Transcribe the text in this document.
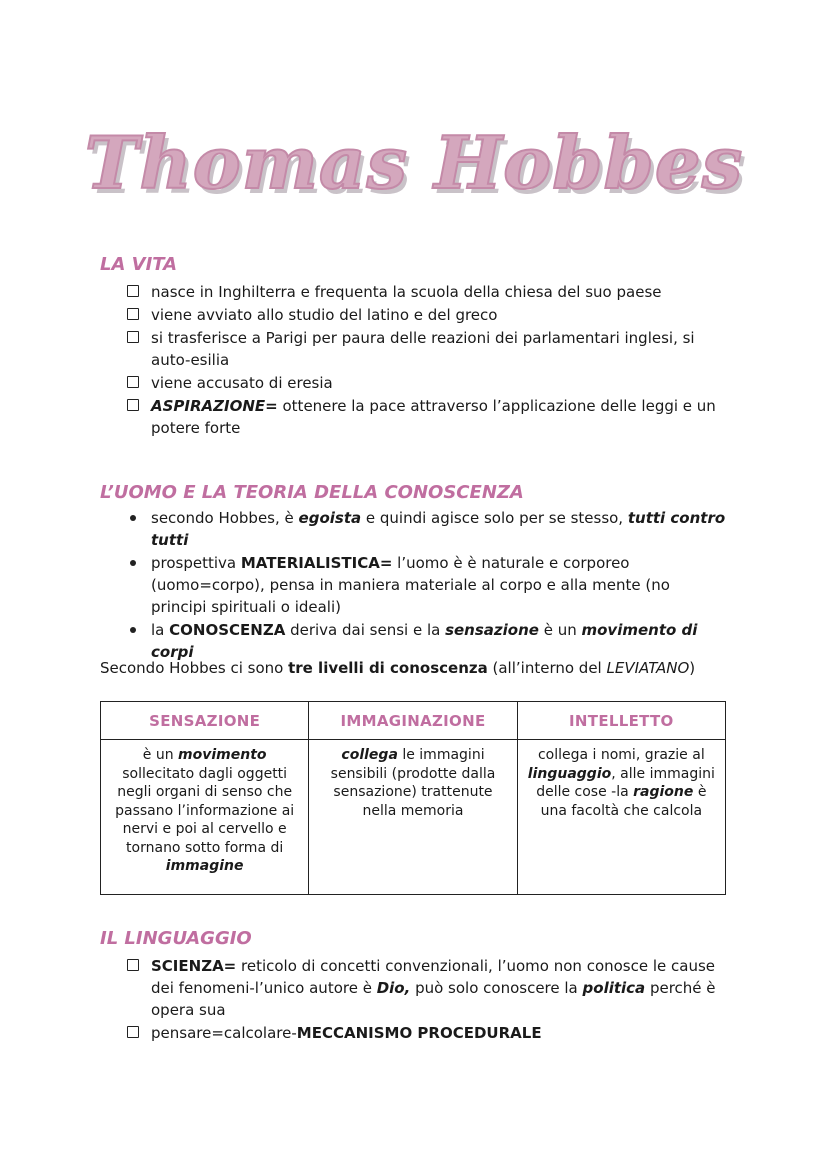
Thomas Hobbes
LA VITA
nasce in Inghilterra e frequenta la scuola della chiesa del suo paese
viene avviato allo studio del latino e del greco
si trasferisce a Parigi per paura delle reazioni dei parlamentari inglesi, si auto-esilia
viene accusato di eresia
ASPIRAZIONE= ottenere la pace attraverso l’applicazione delle leggi e un potere forte
L’UOMO E LA TEORIA DELLA CONOSCENZA
secondo Hobbes, è egoista e quindi agisce solo per se stesso, tutti contro tutti
prospettiva MATERIALISTICA= l’uomo è è naturale e corporeo (uomo=corpo), pensa in maniera materiale al corpo e alla mente (no principi spirituali o ideali)
la CONOSCENZA deriva dai sensi e la sensazione è un movimento di corpi
Secondo Hobbes ci sono tre livelli di conoscenza (all’interno del LEVIATANO)
SENSAZIONE	IMMAGINAZIONE	INTELLETTO
è un movimento sollecitato dagli oggetti negli organi di senso che passano l’informazione ai nervi e poi al cervello e tornano sotto forma di immagine	collega le immagini sensibili (prodotte dalla sensazione) trattenute nella memoria	collega i nomi, grazie al linguaggio, alle immagini delle cose -la ragione è una facoltà che calcola
IL LINGUAGGIO
SCIENZA= reticolo di concetti convenzionali, l’uomo non conosce le cause dei fenomeni-l’unico autore è Dio, può solo conoscere la politica perché è opera sua
pensare=calcolare-MECCANISMO PROCEDURALE
